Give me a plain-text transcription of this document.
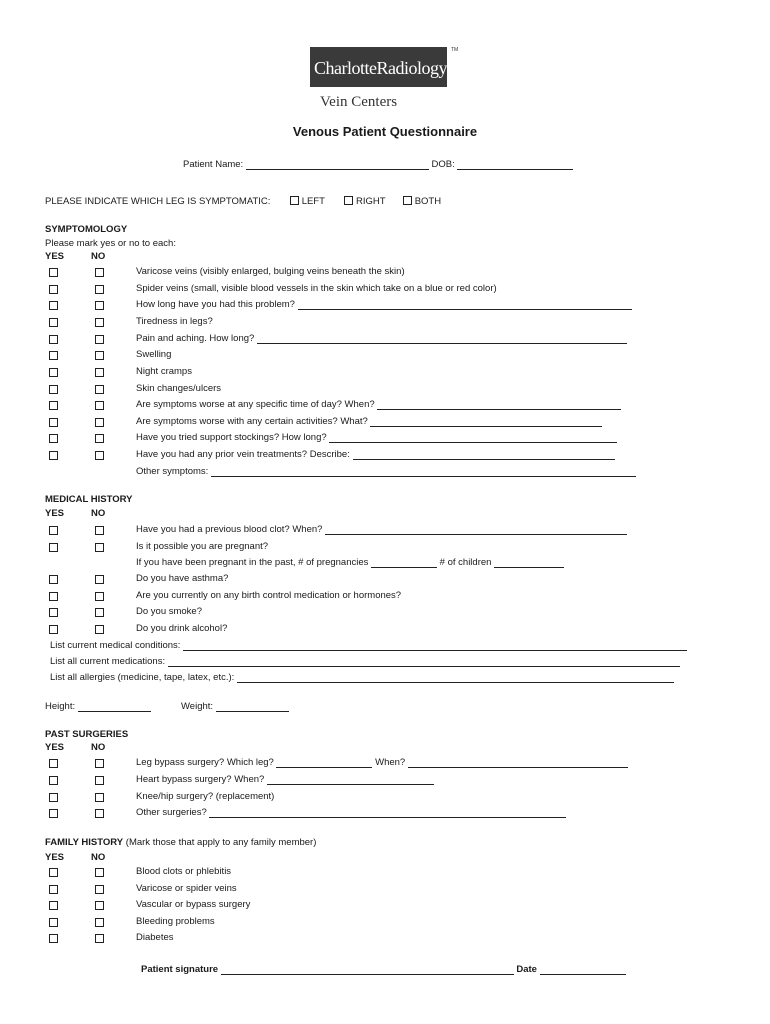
CharlotteRadiology
TM
Vein Centers
Venous Patient Questionnaire
Patient Name:	DOB:
PLEASE INDICATE WHICH LEG IS SYMPTOMATIC:	LEFT	RIGHT	BOTH
SYMPTOMOLOGY
Please mark yes or no to each:
YES	NO
Varicose veins (visibly enlarged, bulging veins beneath the skin)
Spider veins (small, visible blood vessels in the skin which take on a blue or red color)
How long have you had this problem?
Tiredness in legs?
Pain and aching. How long?
Swelling
Night cramps
Skin changes/ulcers
Are symptoms worse at any specific time of day? When?
Are symptoms worse with any certain activities? What?
Have you tried support stockings? How long?
Have you had any prior vein treatments? Describe:
Other symptoms:
MEDICAL HISTORY
YES	NO
Have you had a previous blood clot? When?
Is it possible you are pregnant?
Do you have asthma?
Are you currently on any birth control medication or hormones?
Do you smoke?
Do you drink alcohol?
If you have been pregnant in the past, # of pregnancies	# of children
List current medical conditions:
List all current medications:
List all allergies (medicine, tape, latex, etc.):
Height:	Weight:
PAST SURGERIES
YES	NO
Leg bypass surgery? Which leg?	When?
Heart bypass surgery? When?
Knee/hip surgery? (replacement)
Other surgeries?
FAMILY HISTORY (Mark those that apply to any family member)
YES	NO
Blood clots or phlebitis
Varicose or spider veins
Vascular or bypass surgery
Bleeding problems
Diabetes
Patient signature	Date
